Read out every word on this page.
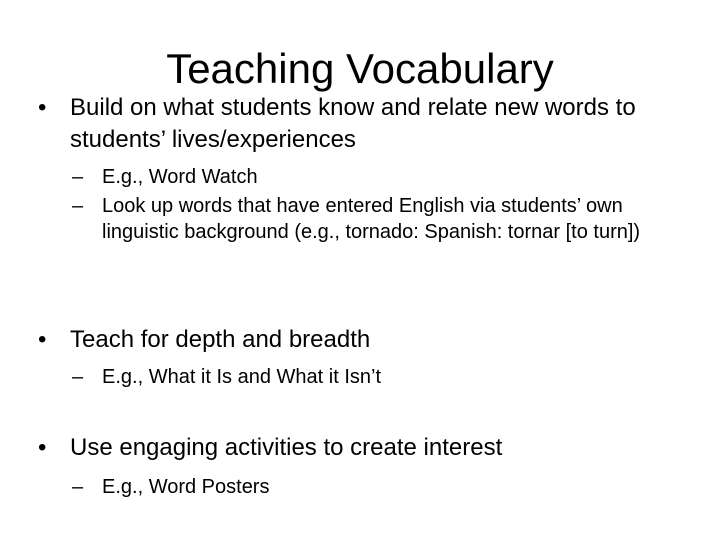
Teaching Vocabulary
• Build on what students know and relate new words to students’ lives/experiences
– E.g., Word Watch
– Look up words that have entered English via students’ own linguistic background (e.g., tornado: Spanish: tornar [to turn])
• Teach for depth and breadth
– E.g., What it Is and What it Isn’t
• Use engaging activities to create interest
– E.g., Word Posters
